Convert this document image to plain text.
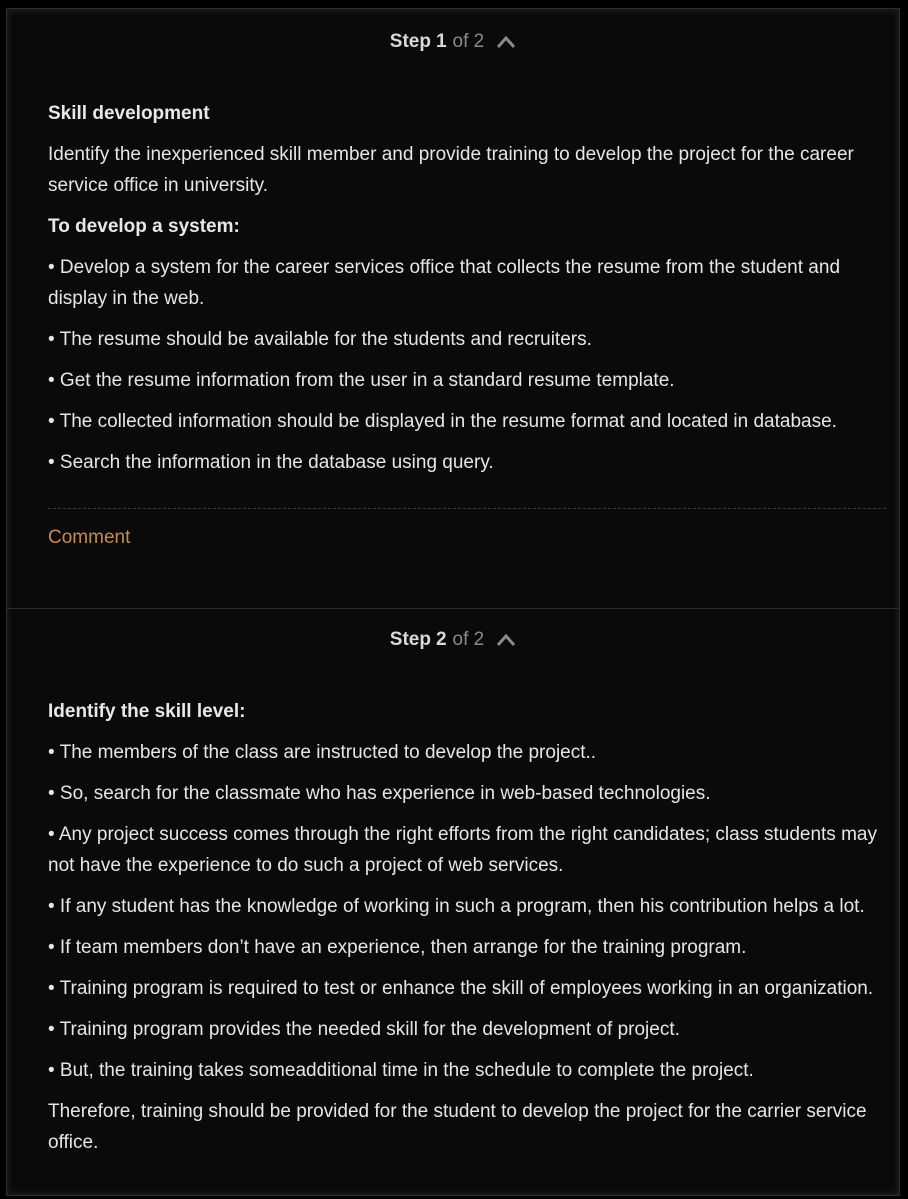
Step 1 of 2

Skill development

Identify the inexperienced skill member and provide training to develop the project for the career service office in university.

To develop a system:

• Develop a system for the career services office that collects the resume from the student and display in the web.

• The resume should be available for the students and recruiters.

• Get the resume information from the user in a standard resume template.

• The collected information should be displayed in the resume format and located in database.

• Search the information in the database using query.

Comment
Step 2 of 2

Identify the skill level:

• The members of the class are instructed to develop the project..

• So, search for the classmate who has experience in web-based technologies.

• Any project success comes through the right efforts from the right candidates; class students may not have the experience to do such a project of web services.

• If any student has the knowledge of working in such a program, then his contribution helps a lot.

• If team members don’t have an experience, then arrange for the training program.

• Training program is required to test or enhance the skill of employees working in an organization.

• Training program provides the needed skill for the development of project.

• But, the training takes someadditional time in the schedule to complete the project.

Therefore, training should be provided for the student to develop the project for the carrier service office.
